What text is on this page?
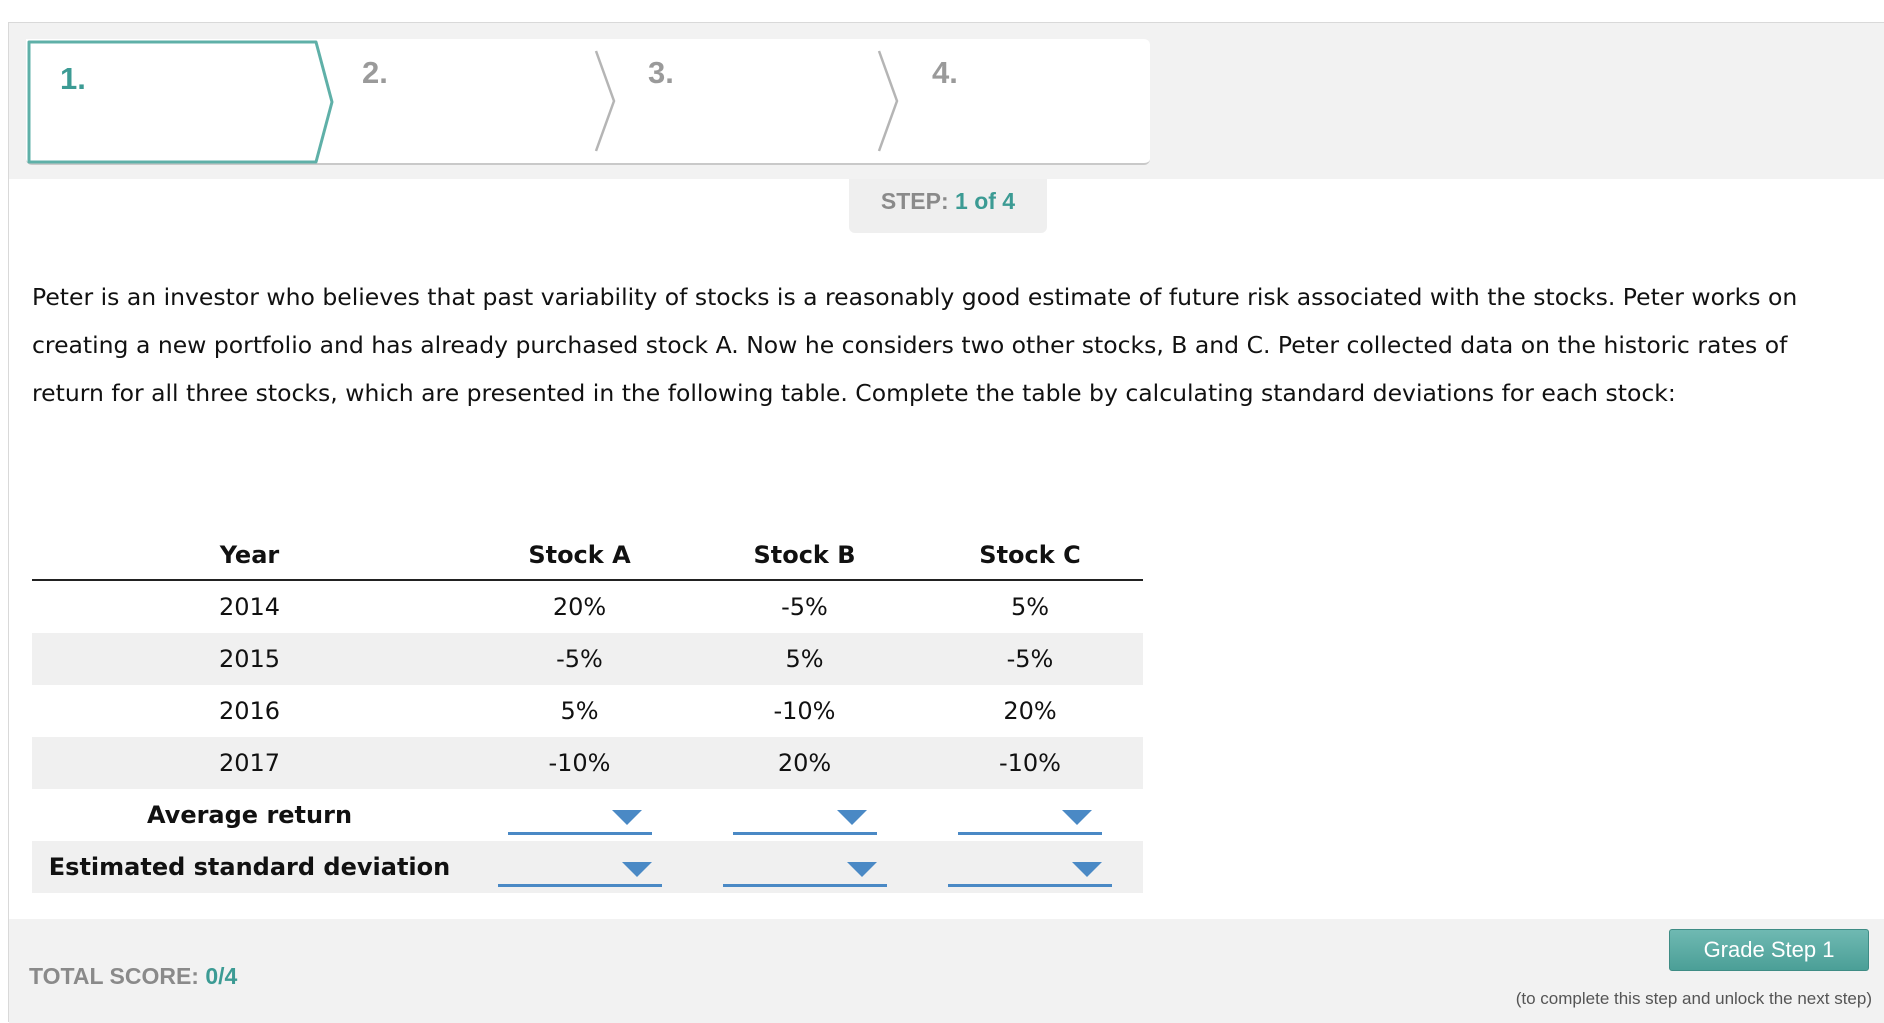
1.	2.	3.	4.
STEP: 1 of 4
Peter is an investor who believes that past variability of stocks is a reasonably good estimate of future risk associated with the stocks. Peter works on creating a new portfolio and has already purchased stock A. Now he considers two other stocks, B and C. Peter collected data on the historic rates of return for all three stocks, which are presented in the following table. Complete the table by calculating standard deviations for each stock:
Year	Stock A	Stock B	Stock C
2014	20%	-5%	5%
2015	-5%	5%	-5%
2016	5%	-10%	20%
2017	-10%	20%	-10%
Average return	

Estimated standard deviation	

TOTAL SCORE: 0/4
Grade Step 1
(to complete this step and unlock the next step)
